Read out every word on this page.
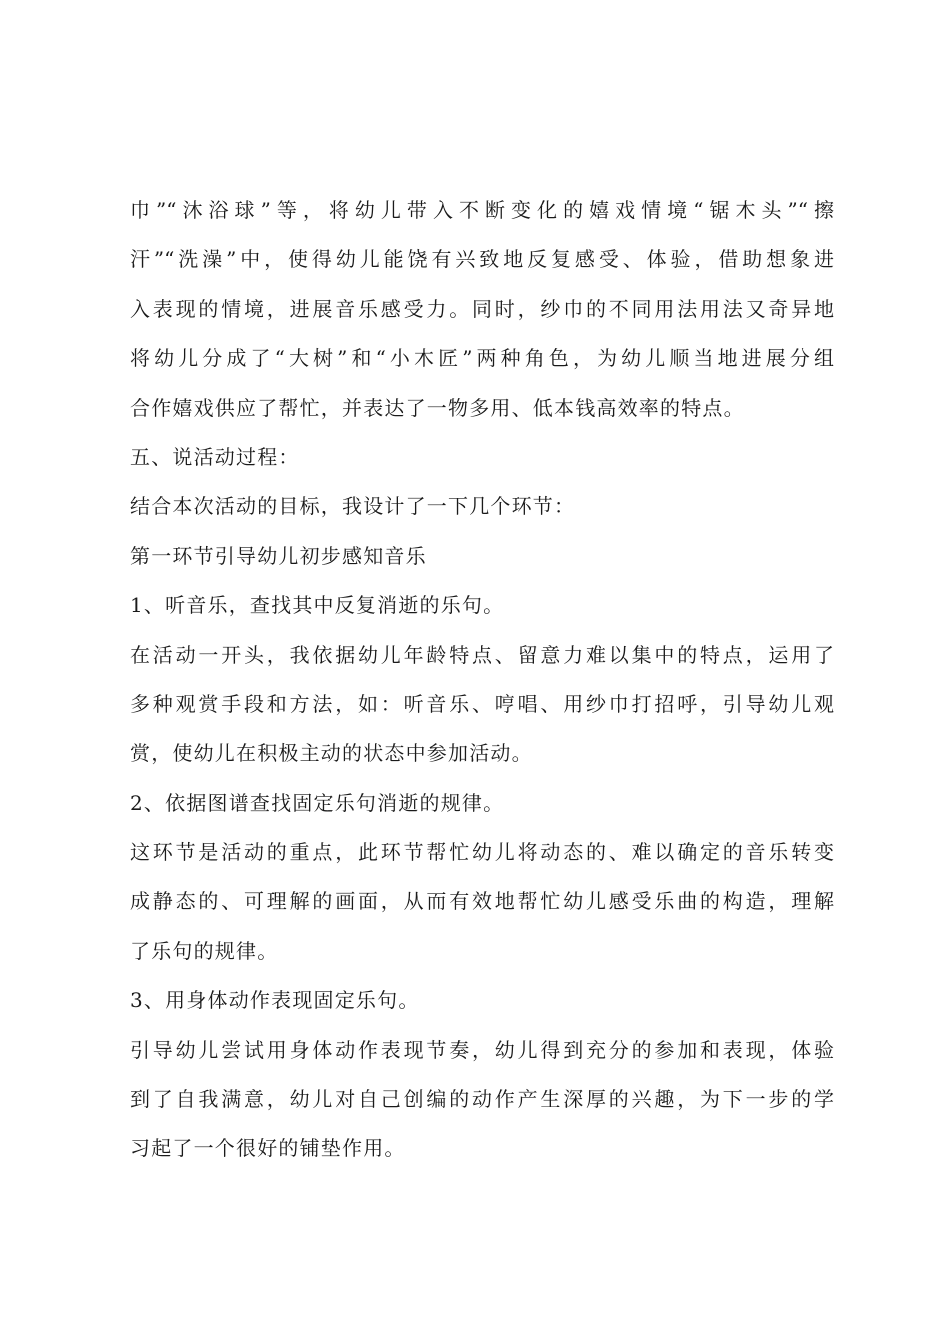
巾”“沐浴球”等，将幼儿带入不断变化的嬉戏情境“锯木头”“擦
汗”“洗澡”中，使得幼儿能饶有兴致地反复感受、体验，借助想象进
入表现的情境，进展音乐感受力。同时，纱巾的不同用法用法又奇异地
将幼儿分成了“大树”和“小木匠”两种角色，为幼儿顺当地进展分组
合作嬉戏供应了帮忙，并表达了一物多用、低本钱高效率的特点。
五、说活动过程：
结合本次活动的目标，我设计了一下几个环节：
第一环节引导幼儿初步感知音乐
1、听音乐，查找其中反复消逝的乐句。
在活动一开头，我依据幼儿年龄特点、留意力难以集中的特点，运用了
多种观赏手段和方法，如：听音乐、哼唱、用纱巾打招呼，引导幼儿观
赏，使幼儿在积极主动的状态中参加活动。
2、依据图谱查找固定乐句消逝的规律。
这环节是活动的重点，此环节帮忙幼儿将动态的、难以确定的音乐转变
成静态的、可理解的画面，从而有效地帮忙幼儿感受乐曲的构造，理解
了乐句的规律。
3、用身体动作表现固定乐句。
引导幼儿尝试用身体动作表现节奏，幼儿得到充分的参加和表现，体验
到了自我满意，幼儿对自己创编的动作产生深厚的兴趣，为下一步的学
习起了一个很好的铺垫作用。
